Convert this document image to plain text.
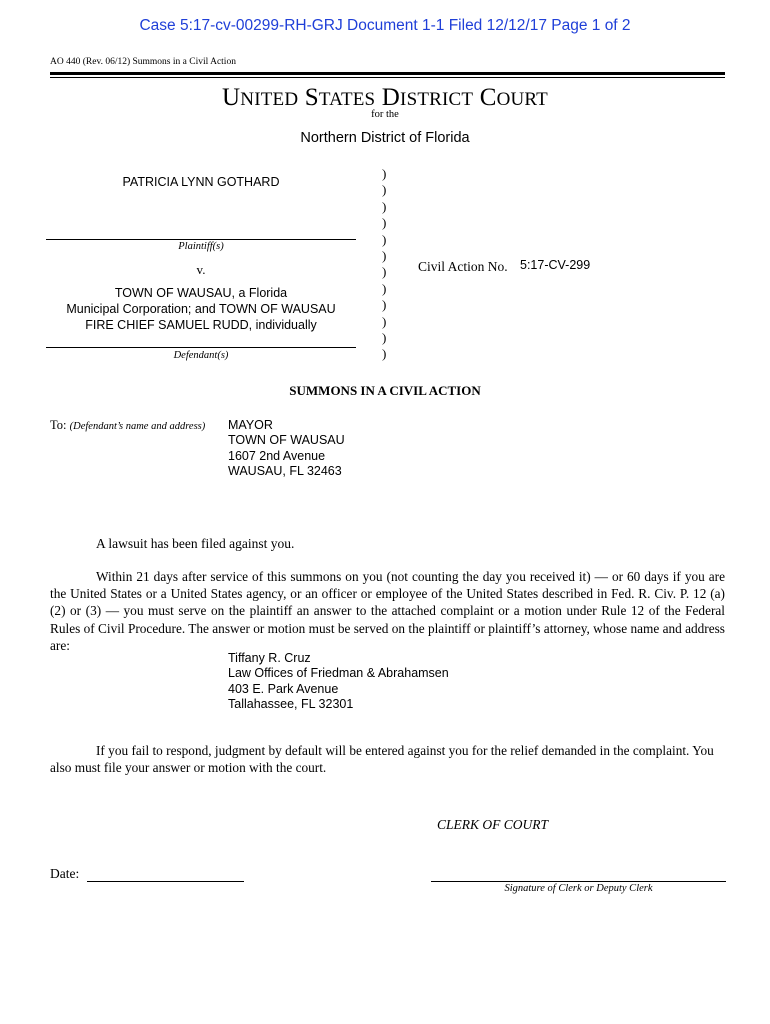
Case 5:17-cv-00299-RH-GRJ Document 1-1 Filed 12/12/17 Page 1 of 2
AO 440 (Rev. 06/12) Summons in a Civil Action
UNITED STATES DISTRICT COURT
for the
Northern District of Florida
PATRICIA LYNN GOTHARD
Plaintiff(s)
v.
TOWN OF WAUSAU, a Florida
Municipal Corporation; and TOWN OF WAUSAU
FIRE CHIEF SAMUEL RUDD, individually
Defendant(s)
)
)
)
)
)
)
)
)
)
)
)
)
Civil Action No. 5:17-CV-299
SUMMONS IN A CIVIL ACTION
To: (Defendant’s name and address) MAYOR
TOWN OF WAUSAU
1607 2nd Avenue
WAUSAU, FL 32463
A lawsuit has been filed against you.
Within 21 days after service of this summons on you (not counting the day you received it) — or 60 days if you are the United States or a United States agency, or an officer or employee of the United States described in Fed. R. Civ. P. 12 (a)(2) or (3) — you must serve on the plaintiff an answer to the attached complaint or a motion under Rule 12 of the Federal Rules of Civil Procedure. The answer or motion must be served on the plaintiff or plaintiff’s attorney, whose name and address are:
Tiffany R. Cruz
Law Offices of Friedman & Abrahamsen
403 E. Park Avenue
Tallahassee, FL 32301
If you fail to respond, judgment by default will be entered against you for the relief demanded in the complaint. You also must file your answer or motion with the court.
CLERK OF COURT
Date:
Signature of Clerk or Deputy Clerk
